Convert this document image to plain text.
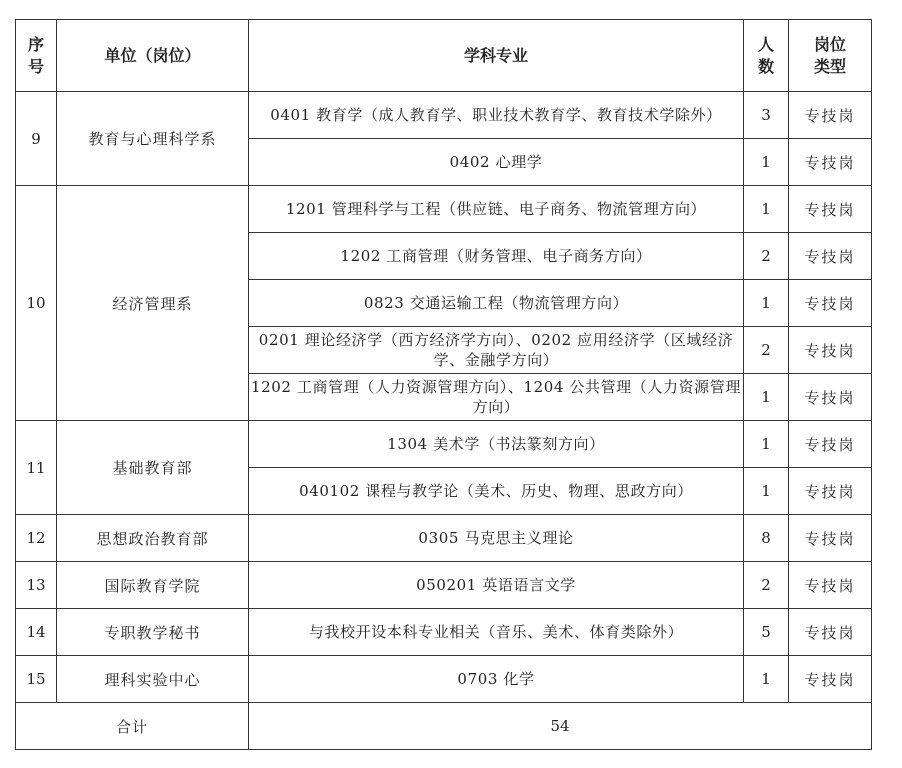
序号	单位（岗位）	学科专业	人数	岗位类型
9	教育与心理科学系	0401 教育学（成人教育学、职业技术教育学、教育技术学除外）	3	专技岗
		0402 心理学	1	专技岗
10	经济管理系	1201 管理科学与工程（供应链、电子商务、物流管理方向）	1	专技岗
		1202 工商管理（财务管理、电子商务方向）	2	专技岗
		0823 交通运输工程（物流管理方向）	1	专技岗
		0201 理论经济学（西方经济学方向）、0202 应用经济学（区域经济学、金融学方向）	2	专技岗
		1202 工商管理（人力资源管理方向）、1204 公共管理（人力资源管理方向）	1	专技岗
11	基础教育部	1304 美术学（书法篆刻方向）	1	专技岗
		040102 课程与教学论（美术、历史、物理、思政方向）	1	专技岗
12	思想政治教育部	0305 马克思主义理论	8	专技岗
13	国际教育学院	050201 英语语言文学	2	专技岗
14	专职教学秘书	与我校开设本科专业相关（音乐、美术、体育类除外）	5	专技岗
15	理科实验中心	0703 化学	1	专技岗
合计		54		
